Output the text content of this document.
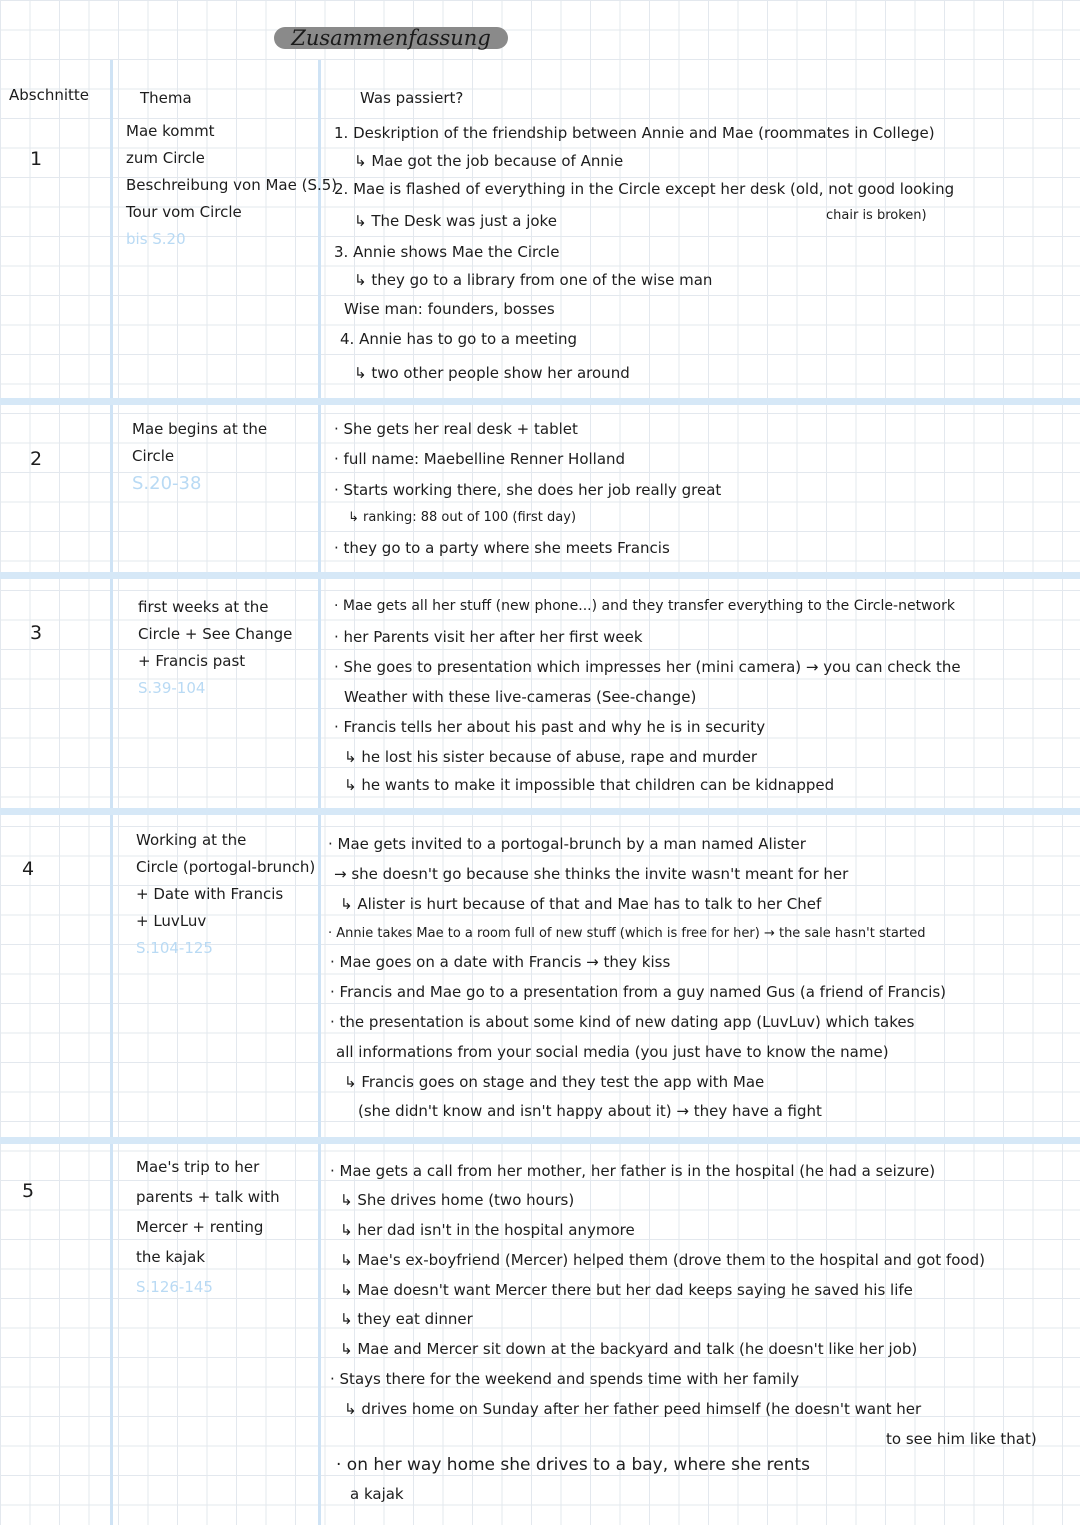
Zusammenfassung
Abschnitte	Thema	Was passiert?
1
Mae kommt
zum Circle
Beschreibung von Mae (S.5)
Tour vom Circle
bis S.20
1. Deskription of the friendship between Annie and Mae (roommates in College)
↳ Mae got the job because of Annie
2. Mae is flashed of everything in the Circle except her desk (old, not good looking
chair is broken)
↳ The Desk was just a joke
3. Annie shows Mae the Circle
↳ they go to a library from one of the wise man
Wise man: founders, bosses
4. Annie has to go to a meeting
↳ two other people show her around
2
Mae begins at the
Circle
S.20-38
· She gets her real desk + tablet
· full name: Maebelline Renner Holland
· Starts working there, she does her job really great
↳ ranking: 88 out of 100 (first day)
· they go to a party where she meets Francis
3
first weeks at the
Circle + See Change
+ Francis past
S.39-104
· Mae gets all her stuff (new phone...) and they transfer everything to the Circle-network
· her Parents visit her after her first week
· She goes to presentation which impresses her (mini camera) → you can check the
Weather with these live-cameras (See-change)
· Francis tells her about his past and why he is in security
↳ he lost his sister because of abuse, rape and murder
↳ he wants to make it impossible that children can be kidnapped
4
Working at the
Circle (portogal-brunch)
+ Date with Francis
+ LuvLuv
S.104-125
· Mae gets invited to a portogal-brunch by a man named Alister
→ she doesn't go because she thinks the invite wasn't meant for her
↳ Alister is hurt because of that and Mae has to talk to her Chef
· Annie takes Mae to a room full of new stuff (which is free for her) → the sale hasn't started
· Mae goes on a date with Francis → they kiss
· Francis and Mae go to a presentation from a guy named Gus (a friend of Francis)
· the presentation is about some kind of new dating app (LuvLuv) which takes
all informations from your social media (you just have to know the name)
↳ Francis goes on stage and they test the app with Mae
(she didn't know and isn't happy about it) → they have a fight
5
Mae's trip to her
parents + talk with
Mercer + renting
the kajak
S.126-145
· Mae gets a call from her mother, her father is in the hospital (he had a seizure)
↳ She drives home (two hours)
↳ her dad isn't in the hospital anymore
↳ Mae's ex-boyfriend (Mercer) helped them (drove them to the hospital and got food)
↳ Mae doesn't want Mercer there but her dad keeps saying he saved his life
↳ they eat dinner
↳ Mae and Mercer sit down at the backyard and talk (he doesn't like her job)
· Stays there for the weekend and spends time with her family
↳ drives home on Sunday after her father peed himself (he doesn't want her
to see him like that)
· on her way home she drives to a bay, where she rents
a kajak
